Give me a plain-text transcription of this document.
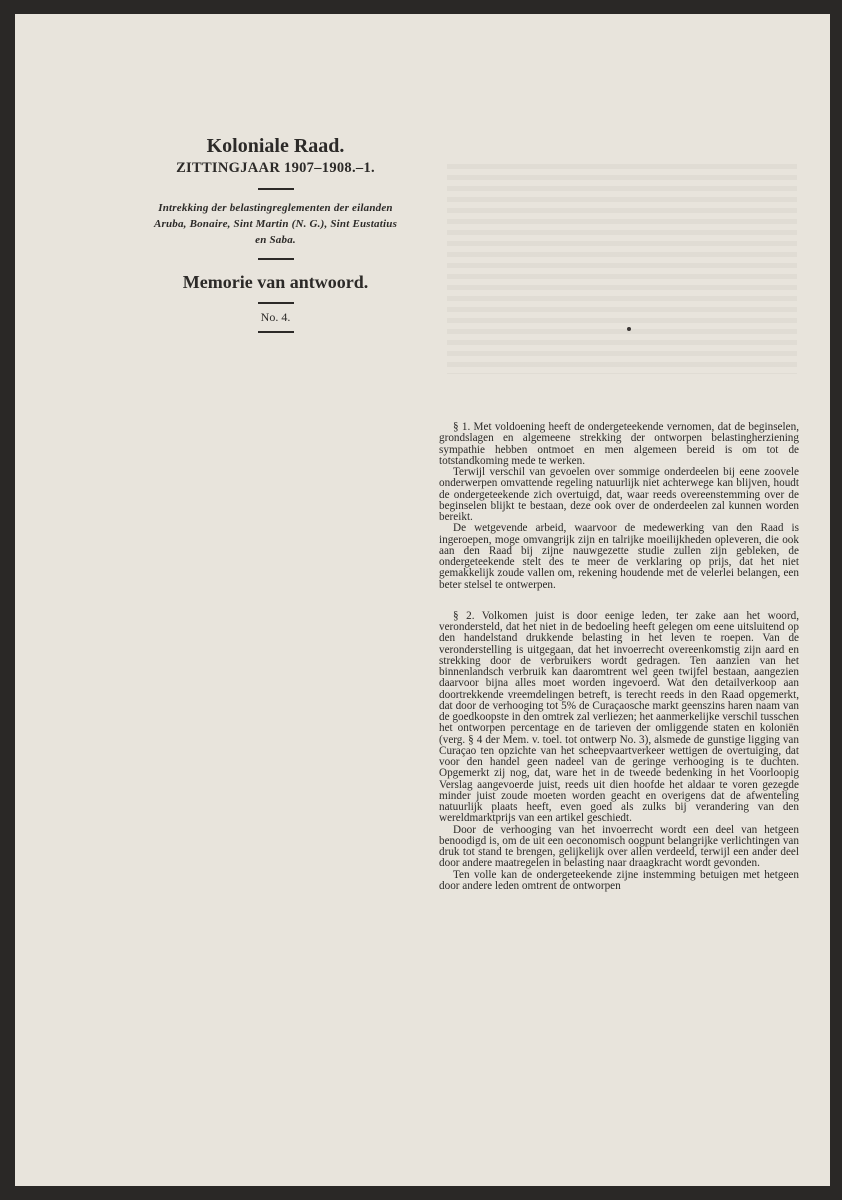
Koloniale Raad.

ZITTINGJAAR 1907–1908.–1.

Intrekking der belastingreglementen der eilanden Aruba, Bonaire, Sint Martin (N. G.), Sint Eustatius en Saba.

Memorie van antwoord.

No. 4.

§ 1. Met voldoening heeft de ondergeteekende vernomen, dat de beginselen, grondslagen en algemeene strekking der ontworpen belastingherziening sympathie hebben ontmoet en men algemeen bereid is om tot de totstandkoming mede te werken.

Terwijl verschil van gevoelen over sommige onderdeelen bij eene zoovele onderwerpen omvattende regeling natuurlijk niet achterwege kan blijven, houdt de ondergeteekende zich overtuigd, dat, waar reeds overeenstemming over de beginselen blijkt te bestaan, deze ook over de onderdeelen zal kunnen worden bereikt.

De wetgevende arbeid, waarvoor de medewerking van den Raad is ingeroepen, moge omvangrijk zijn en talrijke moeilijkheden opleveren, die ook aan den Raad bij zijne nauwgezette studie zullen zijn gebleken, de ondergeteekende stelt des te meer de verklaring op prijs, dat het niet gemakkelijk zoude vallen om, rekening houdende met de velerlei belangen, een beter stelsel te ontwerpen.

§ 2. Volkomen juist is door eenige leden, ter zake aan het woord, verondersteld, dat het niet in de bedoeling heeft gelegen om eene uitsluitend op den handelstand drukkende belasting in het leven te roepen. Van de veronderstelling is uitgegaan, dat het invoerrecht overeenkomstig zijn aard en strekking door de verbruikers wordt gedragen. Ten aanzien van het binnenlandsch verbruik kan daaromtrent wel geen twijfel bestaan, aangezien daarvoor bijna alles moet worden ingevoerd. Wat den detailverkoop aan doortrekkende vreemdelingen betreft, is terecht reeds in den Raad opgemerkt, dat door de verhooging tot 5% de Curaçaosche markt geenszins haren naam van de goedkoopste in den omtrek zal verliezen; het aanmerkelijke verschil tusschen het ontworpen percentage en de tarieven der omliggende staten en koloniën (verg. § 4 der Mem. v. toel. tot ontwerp No. 3), alsmede de gunstige ligging van Curaçao ten opzichte van het scheepvaartverkeer wettigen de overtuiging, dat voor den handel geen nadeel van de geringe verhooging is te duchten. Opgemerkt zij nog, dat, ware het in de tweede bedenking in het Voorloopig Verslag aangevoerde juist, reeds uit dien hoofde het aldaar te voren gezegde minder juist zoude moeten worden geacht en overigens dat de afwenteling natuurlijk plaats heeft, even goed als zulks bij verandering van den wereldmarktprijs van een artikel geschiedt.

Door de verhooging van het invoerrecht wordt een deel van hetgeen benoodigd is, om de uit een oeconomisch oogpunt belangrijke verlichtingen van druk tot stand te brengen, gelijkelijk over allen verdeeld, terwijl een ander deel door andere maatregelen in belasting naar draagkracht wordt gevonden.

Ten volle kan de ondergeteekende zijne instemming betuigen met hetgeen door andere leden omtrent de ontworpen
